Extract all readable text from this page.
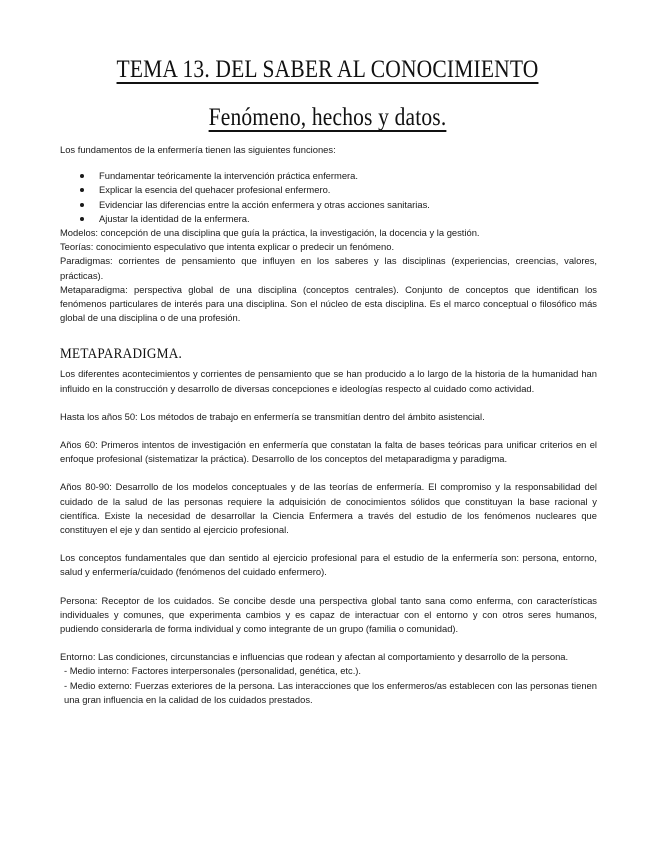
TEMA 13. DEL SABER AL CONOCIMIENTO Fenómeno, hechos y datos.

Los fundamentos de la enfermería tienen las siguientes funciones:

Fundamentar teóricamente la intervención práctica enfermera.
Explicar la esencia del quehacer profesional enfermero.
Evidenciar las diferencias entre la acción enfermera y otras acciones sanitarias.
Ajustar la identidad de la enfermera.

Modelos: concepción de una disciplina que guía la práctica, la investigación, la docencia y la gestión.

Teorías: conocimiento especulativo que intenta explicar o predecir un fenómeno.

Paradigmas: corrientes de pensamiento que influyen en los saberes y las disciplinas (experiencias, creencias, valores, prácticas).

Metaparadigma: perspectiva global de una disciplina (conceptos centrales). Conjunto de conceptos que identifican los fenómenos particulares de interés para una disciplina. Son el núcleo de esta disciplina. Es el marco conceptual o filosófico más global de una disciplina o de una profesión.

METAPARADIGMA.

Los diferentes acontecimientos y corrientes de pensamiento que se han producido a lo largo de la historia de la humanidad han influido en la construcción y desarrollo de diversas concepciones e ideologías respecto al cuidado como actividad.

Hasta los años 50: Los métodos de trabajo en enfermería se transmitían dentro del ámbito asistencial.

Años 60: Primeros intentos de investigación en enfermería que constatan la falta de bases teóricas para unificar criterios en el enfoque profesional (sistematizar la práctica). Desarrollo de los conceptos del metaparadigma y paradigma.

Años 80-90: Desarrollo de los modelos conceptuales y de las teorías de enfermería. El compromiso y la responsabilidad del cuidado de la salud de las personas requiere la adquisición de conocimientos sólidos que constituyan la base racional y científica. Existe la necesidad de desarrollar la Ciencia Enfermera a través del estudio de los fenómenos nucleares que constituyen el eje y dan sentido al ejercicio profesional.

Los conceptos fundamentales que dan sentido al ejercicio profesional para el estudio de la enfermería son: persona, entorno, salud y enfermería/cuidado (fenómenos del cuidado enfermero).

Persona: Receptor de los cuidados. Se concibe desde una perspectiva global tanto sana como enferma, con características individuales y comunes, que experimenta cambios y es capaz de interactuar con el entorno y con otros seres humanos, pudiendo considerarla de forma individual y como integrante de un grupo (familia o comunidad).

Entorno: Las condiciones, circunstancias e influencias que rodean y afectan al comportamiento y desarrollo de la persona.

- Medio interno: Factores interpersonales (personalidad, genética, etc.).

- Medio externo: Fuerzas exteriores de la persona. Las interacciones que los enfermeros/as establecen con las personas tienen una gran influencia en la calidad de los cuidados prestados.
